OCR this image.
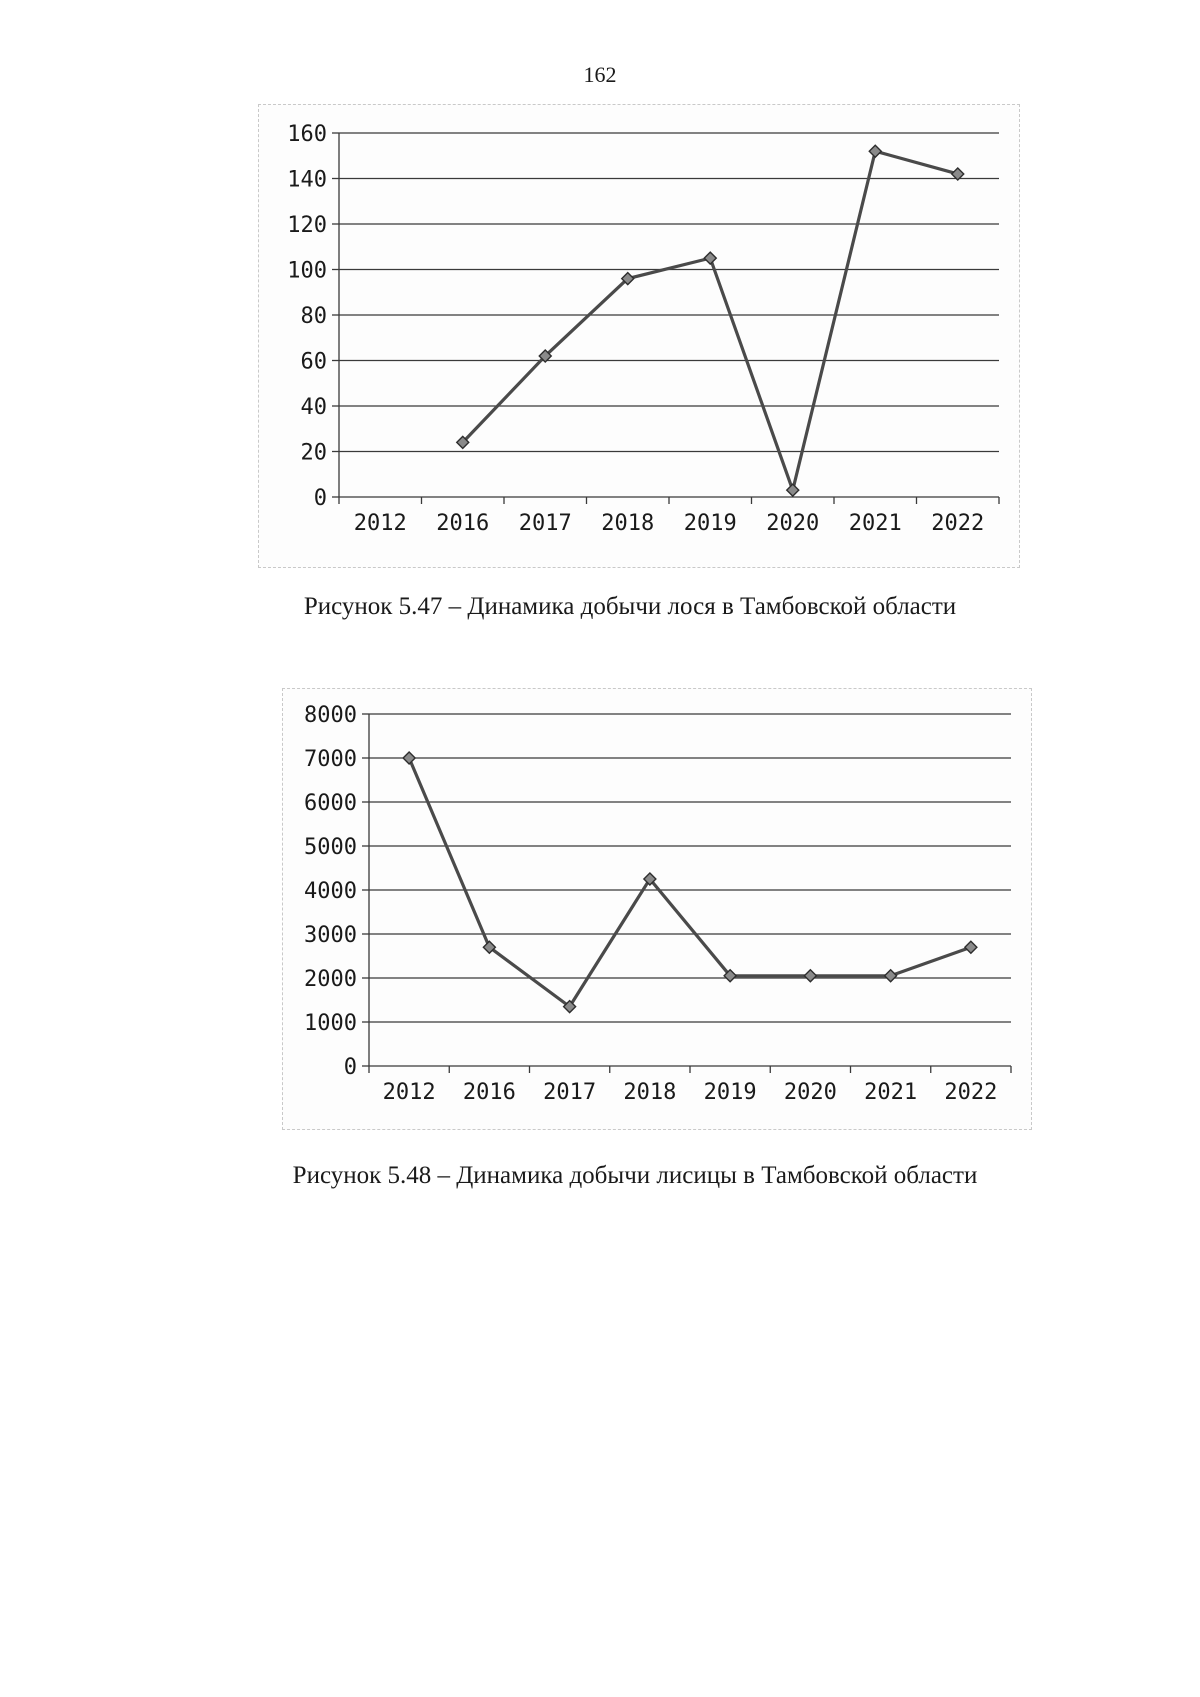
162
0
20
40
60
80
100
120
140
160
2012 2016 2017 2018 2019 2020 2021 2022
Рисунок 5.47 – Динамика добычи лося в Тамбовской области
0
1000
2000
3000
4000
5000
6000
7000
8000
2012 2016 2017 2018 2019 2020 2021 2022
Рисунок 5.48 – Динамика добычи лисицы в Тамбовской области
